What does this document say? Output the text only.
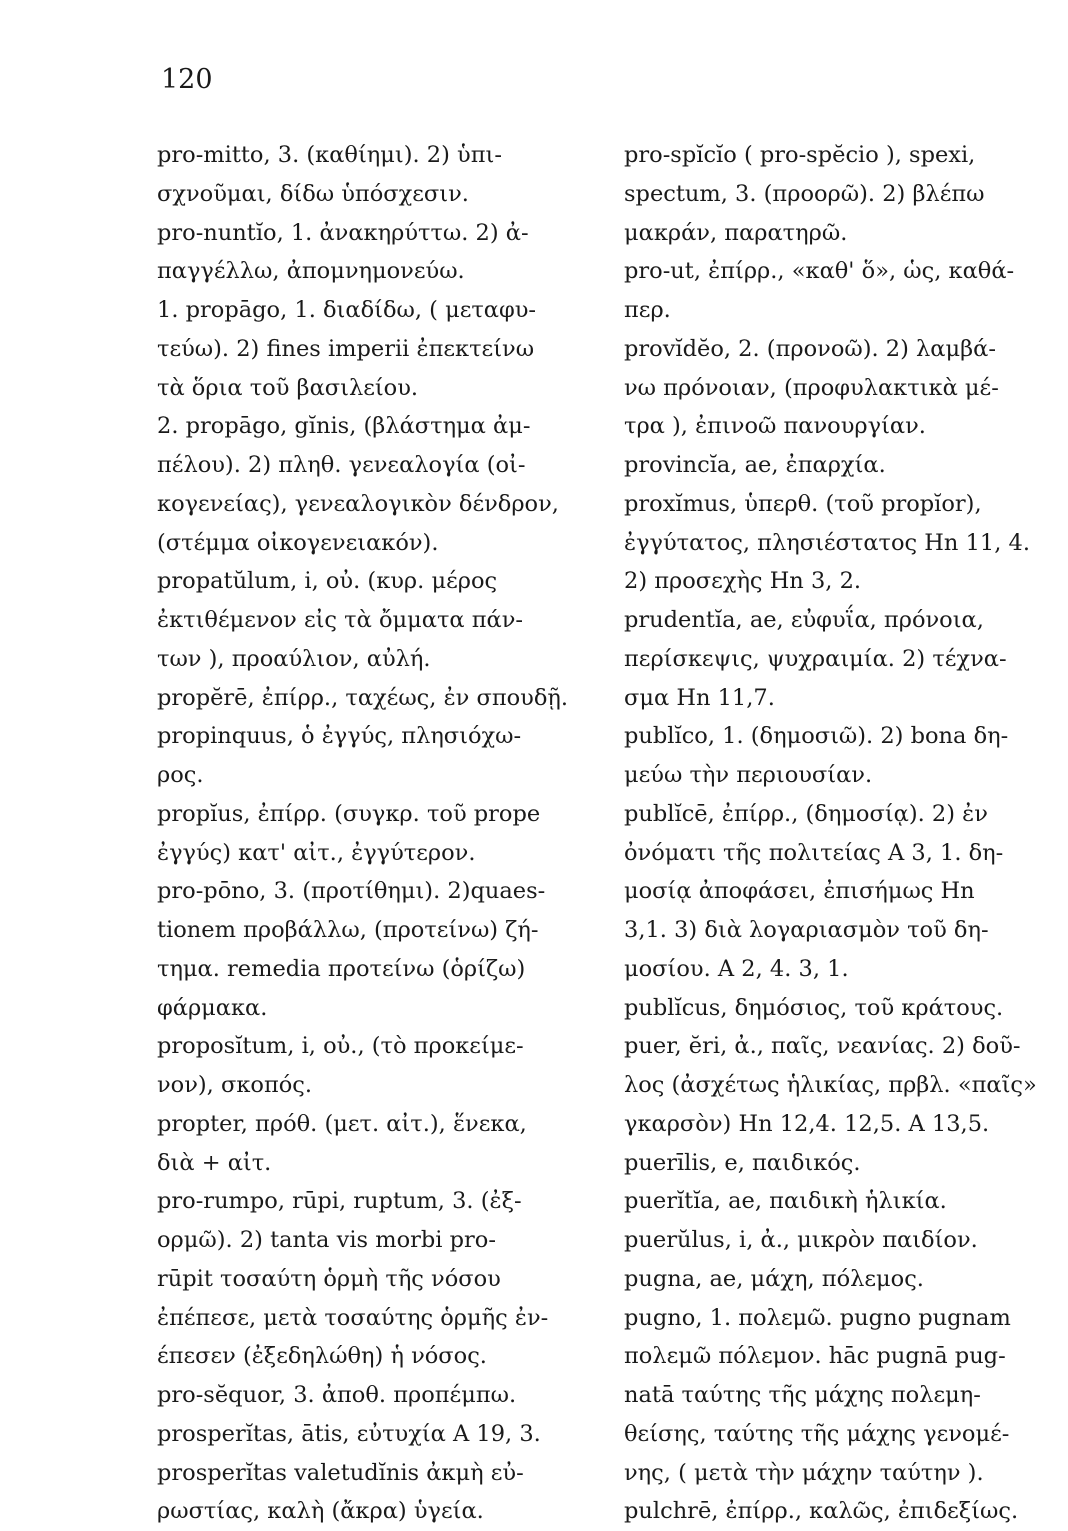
120
pro-mitto, 3. (καθίημι). 2) ὑπι-
σχνοῦμαι, δίδω ὑπόσχεσιν.
pro-nuntĭo, 1. ἀνακηρύττω. 2) ἀ-
παγγέλλω, ἀπομνημονεύω.
1. propāgo, 1. διαδίδω, ( μεταφυ-
τεύω). 2) fines imperii ἐπεκτείνω
τὰ ὅρια τοῦ βασιλείου.
2. propāgo, gĭnis, (βλάστημα ἀμ-
πέλου). 2) πληθ. γενεαλογία (οἰ-
κογενείας), γενεαλογικὸν δένδρον,
(στέμμα οἰκογενειακόν).
propatŭlum, i, οὐ. (κυρ. μέρος
ἐκτιθέμενον εἰς τὰ ὄμματα πάν-
των ), προαύλιον, αὐλή.
propĕrē, ἐπίρρ., ταχέως, ἐν σπουδῇ.
propinquus, ὁ ἐγγύς, πλησιόχω-
ρος.
propĭus, ἐπίρρ. (συγκρ. τοῦ prope
ἐγγύς) κατ' αἰτ., ἐγγύτερον.
pro-pōno, 3. (προτίθημι). 2)quaes-
tionem προβάλλω, (προτείνω) ζή-
τημα. remedia προτείνω (ὁρίζω)
φάρμακα.
proposĭtum, i, οὐ., (τὸ προκείμε-
νον), σκοπός.
propter, πρόθ. (μετ. αἰτ.), ἕνεκα,
διὰ + αἰτ.
pro-rumpo, rūpi, ruptum, 3. (ἐξ-
ορμῶ). 2) tanta vis morbi pro-
rūpit τοσαύτη ὁρμὴ τῆς νόσου
ἐπέπεσε, μετὰ τοσαύτης ὁρμῆς ἐν-
έπεσεν (ἐξεδηλώθη) ἡ νόσος.
pro-sĕquor, 3. ἀποθ. προπέμπω.
prosperĭtas, ātis, εὐτυχία Α 19, 3.
prosperĭtas valetudĭnis ἀκμὴ εὐ-
ρωστίας, καλὴ (ἄκρα) ὑγεία.
pro-spĭcĭo ( pro-spĕcio ), spexi,
spectum, 3. (προορῶ). 2) βλέπω
μακράν, παρατηρῶ.
pro-ut, ἐπίρρ., «καθ' ὅ», ὡς, καθά-
περ.
provĭdĕo, 2. (προνοῶ). 2) λαμβά-
νω πρόνοιαν, (προφυλακτικὰ μέ-
τρα ), ἐπινοῶ πανουργίαν.
provincĭa, ae, ἐπαρχία.
proxĭmus, ὑπερθ. (τοῦ propĭor),
ἐγγύτατος, πλησιέστατος Ηn 11, 4.
2) προσεχὴς Ηn 3, 2.
prudentĭa, ae, εὐφυΐα, πρόνοια,
περίσκεψις, ψυχραιμία. 2) τέχνα-
σμα Ηn 11,7.
publĭco, 1. (δημοσιῶ). 2) bona δη-
μεύω τὴν περιουσίαν.
publĭcē, ἐπίρρ., (δημοσίᾳ). 2) ἐν
ὀνόματι τῆς πολιτείας Α 3, 1. δη-
μοσίᾳ ἀποφάσει, ἐπισήμως Ηn
3,1. 3) διὰ λογαριασμὸν τοῦ δη-
μοσίου. Α 2, 4. 3, 1.
publĭcus, δημόσιος, τοῦ κράτους.
puer, ĕri, ἀ., παῖς, νεανίας. 2) δοῦ-
λος (ἀσχέτως ἡλικίας, πρβλ. «παῖς»
γκαρσὸν) Ηn 12,4. 12,5. Α 13,5.
puerīlis, e, παιδικός.
puerĭtĭa, ae, παιδικὴ ἡλικία.
puerŭlus, i, ἀ., μικρὸν παιδίον.
pugna, ae, μάχη, πόλεμος.
pugno, 1. πολεμῶ. pugno pugnam
πολεμῶ πόλεμον. hāc pugnā pug-
natā ταύτης τῆς μάχης πολεμη-
θείσης, ταύτης τῆς μάχης γενομέ-
νης, ( μετὰ τὴν μάχην ταύτην ).
pulchrē, ἐπίρρ., καλῶς, ἐπιδεξίως.
